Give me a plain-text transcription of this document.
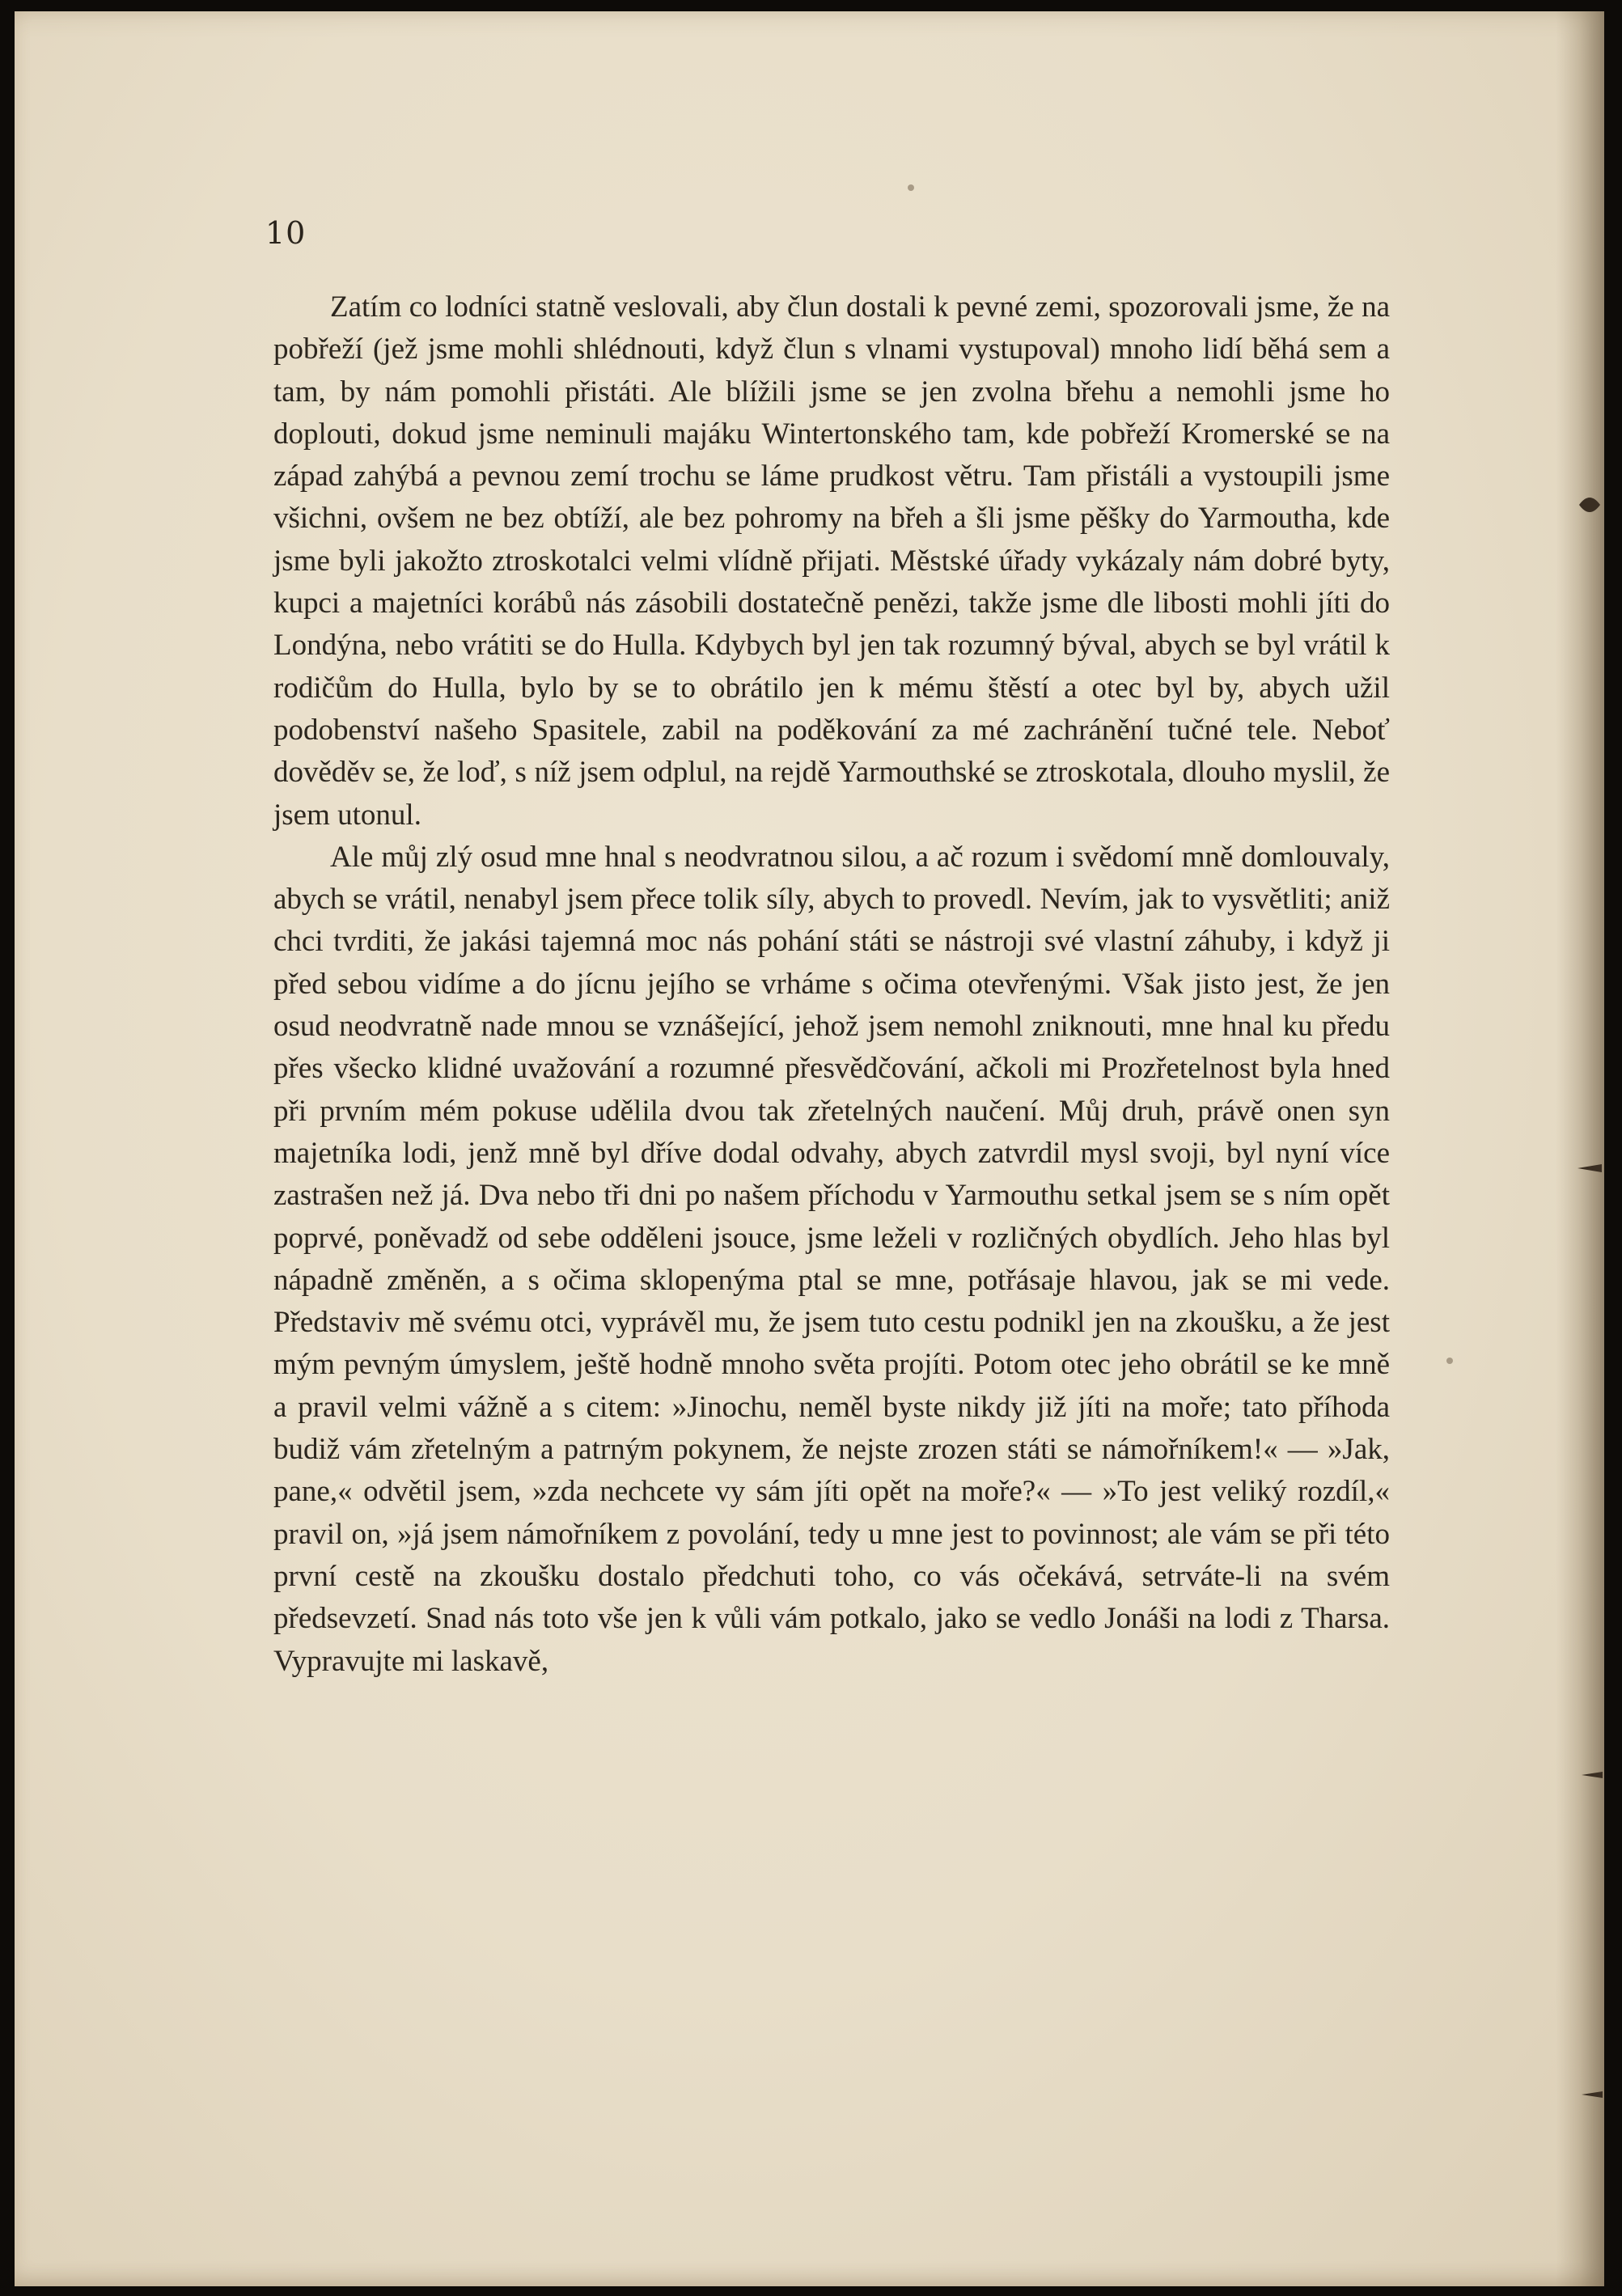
10

Zatím co lodníci statně veslovali, aby člun dostali k pevné zemi, spozorovali jsme, že na pobřeží (jež jsme mohli shlédnouti, když člun s vlnami vystupoval) mnoho lidí běhá sem a tam, by nám pomohli přistáti. Ale blížili jsme se jen zvolna břehu a nemohli jsme ho doplouti, dokud jsme neminuli majáku Wintertonského tam, kde pobřeží Kromerské se na západ zahýbá a pevnou zemí trochu se láme prudkost větru. Tam přistáli a vystoupili jsme všichni, ovšem ne bez obtíží, ale bez pohromy na břeh a šli jsme pěšky do Yarmoutha, kde jsme byli jakožto ztroskotalci velmi vlídně přijati. Městské úřady vykázaly nám dobré byty, kupci a majetníci korábů nás zásobili dostatečně penězi, takže jsme dle libosti mohli jíti do Londýna, nebo vrátiti se do Hulla. Kdybych byl jen tak rozumný býval, abych se byl vrátil k rodičům do Hulla, bylo by se to obrátilo jen k mému štěstí a otec byl by, abych užil podobenství našeho Spasitele, zabil na poděkování za mé zachránění tučné tele. Neboť dověděv se, že loď, s níž jsem odplul, na rejdě Yarmouthské se ztroskotala, dlouho myslil, že jsem utonul.

Ale můj zlý osud mne hnal s neodvratnou silou, a ač rozum i svědomí mně domlouvaly, abych se vrátil, nenabyl jsem přece tolik síly, abych to provedl. Nevím, jak to vysvětliti; aniž chci tvrditi, že jakási tajemná moc nás pohání státi se nástroji své vlastní záhuby, i když ji před sebou vidíme a do jícnu jejího se vrháme s očima otevřenými. Však jisto jest, že jen osud neodvratně nade mnou se vznášející, jehož jsem nemohl zniknouti, mne hnal ku předu přes všecko klidné uvažování a rozumné přesvědčování, ačkoli mi Prozřetelnost byla hned při prvním mém pokuse udělila dvou tak zřetelných naučení. Můj druh, právě onen syn majetníka lodi, jenž mně byl dříve dodal odvahy, abych zatvrdil mysl svoji, byl nyní více zastrašen než já. Dva nebo tři dni po našem příchodu v Yarmouthu setkal jsem se s ním opět poprvé, poněvadž od sebe odděleni jsouce, jsme leželi v rozličných obydlích. Jeho hlas byl nápadně změněn, a s očima sklopenýma ptal se mne, potřásaje hlavou, jak se mi vede. Představiv mě svému otci, vyprávěl mu, že jsem tuto cestu podnikl jen na zkoušku, a že jest mým pevným úmyslem, ještě hodně mnoho světa projíti. Potom otec jeho obrátil se ke mně a pravil velmi vážně a s citem: »Jinochu, neměl byste nikdy již jíti na moře; tato příhoda budiž vám zřetelným a patrným pokynem, že nejste zrozen státi se námořníkem!« — »Jak, pane,« odvětil jsem, »zda nechcete vy sám jíti opět na moře?« — »To jest veliký rozdíl,« pravil on, »já jsem námořníkem z povolání, tedy u mne jest to povinnost; ale vám se při této první cestě na zkoušku dostalo předchuti toho, co vás očekává, setrváte-li na svém předsevzetí. Snad nás toto vše jen k vůli vám potkalo, jako se vedlo Jonáši na lodi z Tharsa. Vypravujte mi laskavě,
